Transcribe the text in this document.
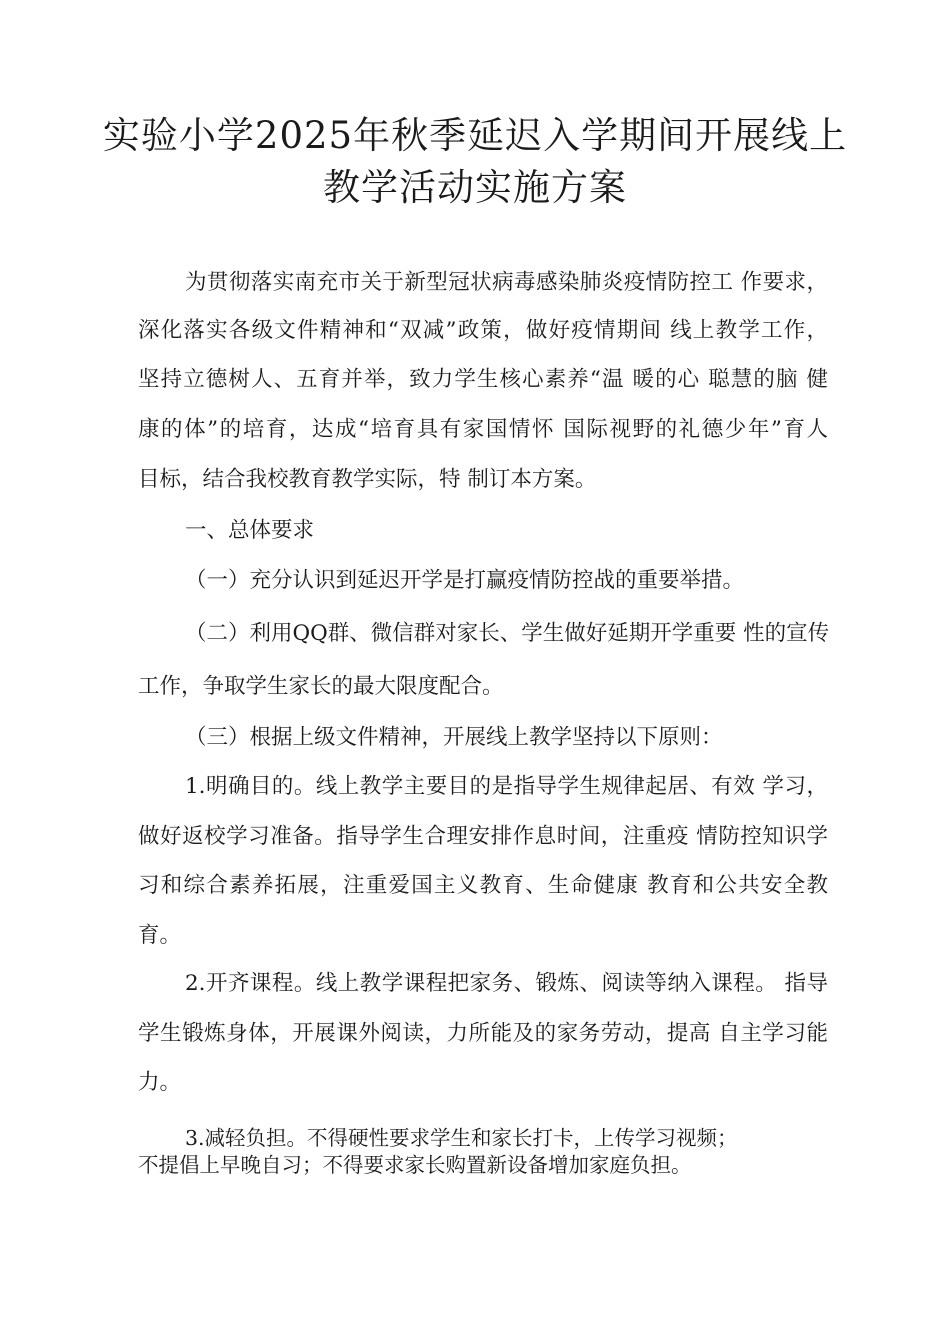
实验小学2025年秋季延迟入学期间开展线上
教学活动实施方案
为贯彻落实南充市关于新型冠状病毒感染肺炎疫情防控工 作要求，
深化落实各级文件精神和“双减”政策，做好疫情期间 线上教学工作，
坚持立德树人、五育并举，致力学生核心素养“温 暖的心 聪慧的脑 健
康的体”的培育，达成“培育具有家国情怀 国际视野的礼德少年”育人
目标，结合我校教育教学实际，特 制订本方案。
一、总体要求
（一）充分认识到延迟开学是打赢疫情防控战的重要举措。
（二）利用QQ群、微信群对家长、学生做好延期开学重要 性的宣传
工作，争取学生家长的最大限度配合。
（三）根据上级文件精神，开展线上教学坚持以下原则：
1.明确目的。线上教学主要目的是指导学生规律起居、有效 学习，
做好返校学习准备。指导学生合理安排作息时间，注重疫 情防控知识学
习和综合素养拓展，注重爱国主义教育、生命健康 教育和公共安全教
育。
2.开齐课程。线上教学课程把家务、锻炼、阅读等纳入课程。 指导
学生锻炼身体，开展课外阅读，力所能及的家务劳动，提高 自主学习能
力。
3.减轻负担。不得硬性要求学生和家长打卡，上传学习视频；
不提倡上早晚自习；不得要求家长购置新设备增加家庭负担。
